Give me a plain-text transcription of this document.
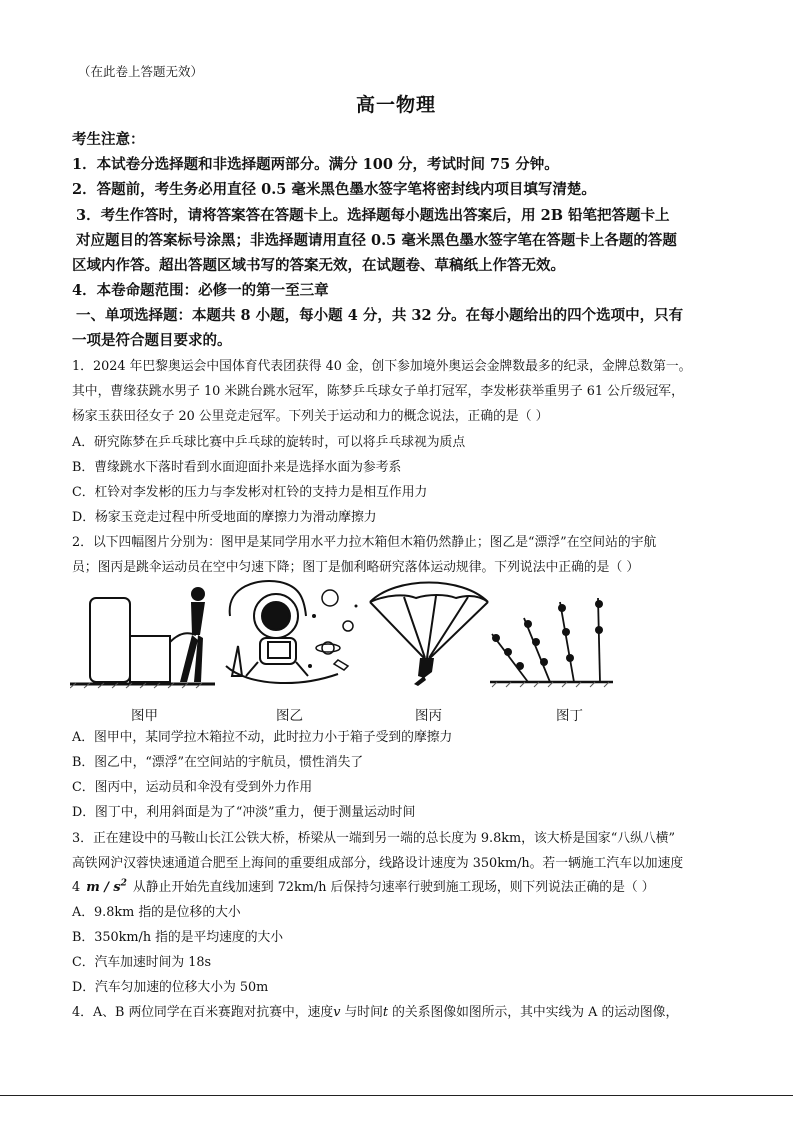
（在此卷上答题无效）
高一物理
考生注意：
1．本试卷分选择题和非选择题两部分。满分 100 分，考试时间 75 分钟。
2．答题前，考生务必用直径 0.5 毫米黑色墨水签字笔将密封线内项目填写清楚。
3．考生作答时，请将答案答在答题卡上。选择题每小题选出答案后，用 2B 铅笔把答题卡上
对应题目的答案标号涂黑；非选择题请用直径 0.5 毫米黑色墨水签字笔在答题卡上各题的答题
区域内作答。超出答题区域书写的答案无效，在试题卷、草稿纸上作答无效。
4．本卷命题范围：必修一的第一至三章
一、单项选择题：本题共 8 小题，每小题 4 分，共 32 分。在每小题给出的四个选项中，只有
一项是符合题目要求的。
1．2024 年巴黎奥运会中国体育代表团获得 40 金，创下参加境外奥运会金牌数最多的纪录，金牌总数第一。
其中，曹缘获跳水男子 10 米跳台跳水冠军，陈梦乒乓球女子单打冠军，李发彬获举重男子 61 公斤级冠军，
杨家玉获田径女子 20 公里竞走冠军。下列关于运动和力的概念说法，正确的是（ ）
A．研究陈梦在乒乓球比赛中乒乓球的旋转时，可以将乒乓球视为质点
B．曹缘跳水下落时看到水面迎面扑来是选择水面为参考系
C．杠铃对李发彬的压力与李发彬对杠铃的支持力是相互作用力
D．杨家玉竞走过程中所受地面的摩擦力为滑动摩擦力
2．以下四幅图片分别为：图甲是某同学用水平力拉木箱但木箱仍然静止；图乙是“漂浮”在空间站的宇航
员；图丙是跳伞运动员在空中匀速下降；图丁是伽利略研究落体运动规律。下列说法中正确的是（ ）
图甲	图乙	图丙	图丁
A．图甲中，某同学拉木箱拉不动，此时拉力小于箱子受到的摩擦力
B．图乙中，“漂浮”在空间站的宇航员，惯性消失了
C．图丙中，运动员和伞没有受到外力作用
D．图丁中，利用斜面是为了“冲淡”重力，便于测量运动时间
3．正在建设中的马鞍山长江公铁大桥，桥梁从一端到另一端的总长度为 9.8km，该大桥是国家“八纵八横”
高铁网沪汉蓉快速通道合肥至上海间的重要组成部分，线路设计速度为 350km/h。若一辆施工汽车以加速度
4 m / $s^2$ 从静止开始先直线加速到 72km/h 后保持匀速率行驶到施工现场，则下列说法正确的是（ ）
A．9.8km 指的是位移的大小
B．350km/h 指的是平均速度的大小
C．汽车加速时间为 18s
D．汽车匀加速的位移大小为 50m
4．A、B 两位同学在百米赛跑对抗赛中，速度v 与时间t 的关系图像如图所示，其中实线为 A 的运动图像，
